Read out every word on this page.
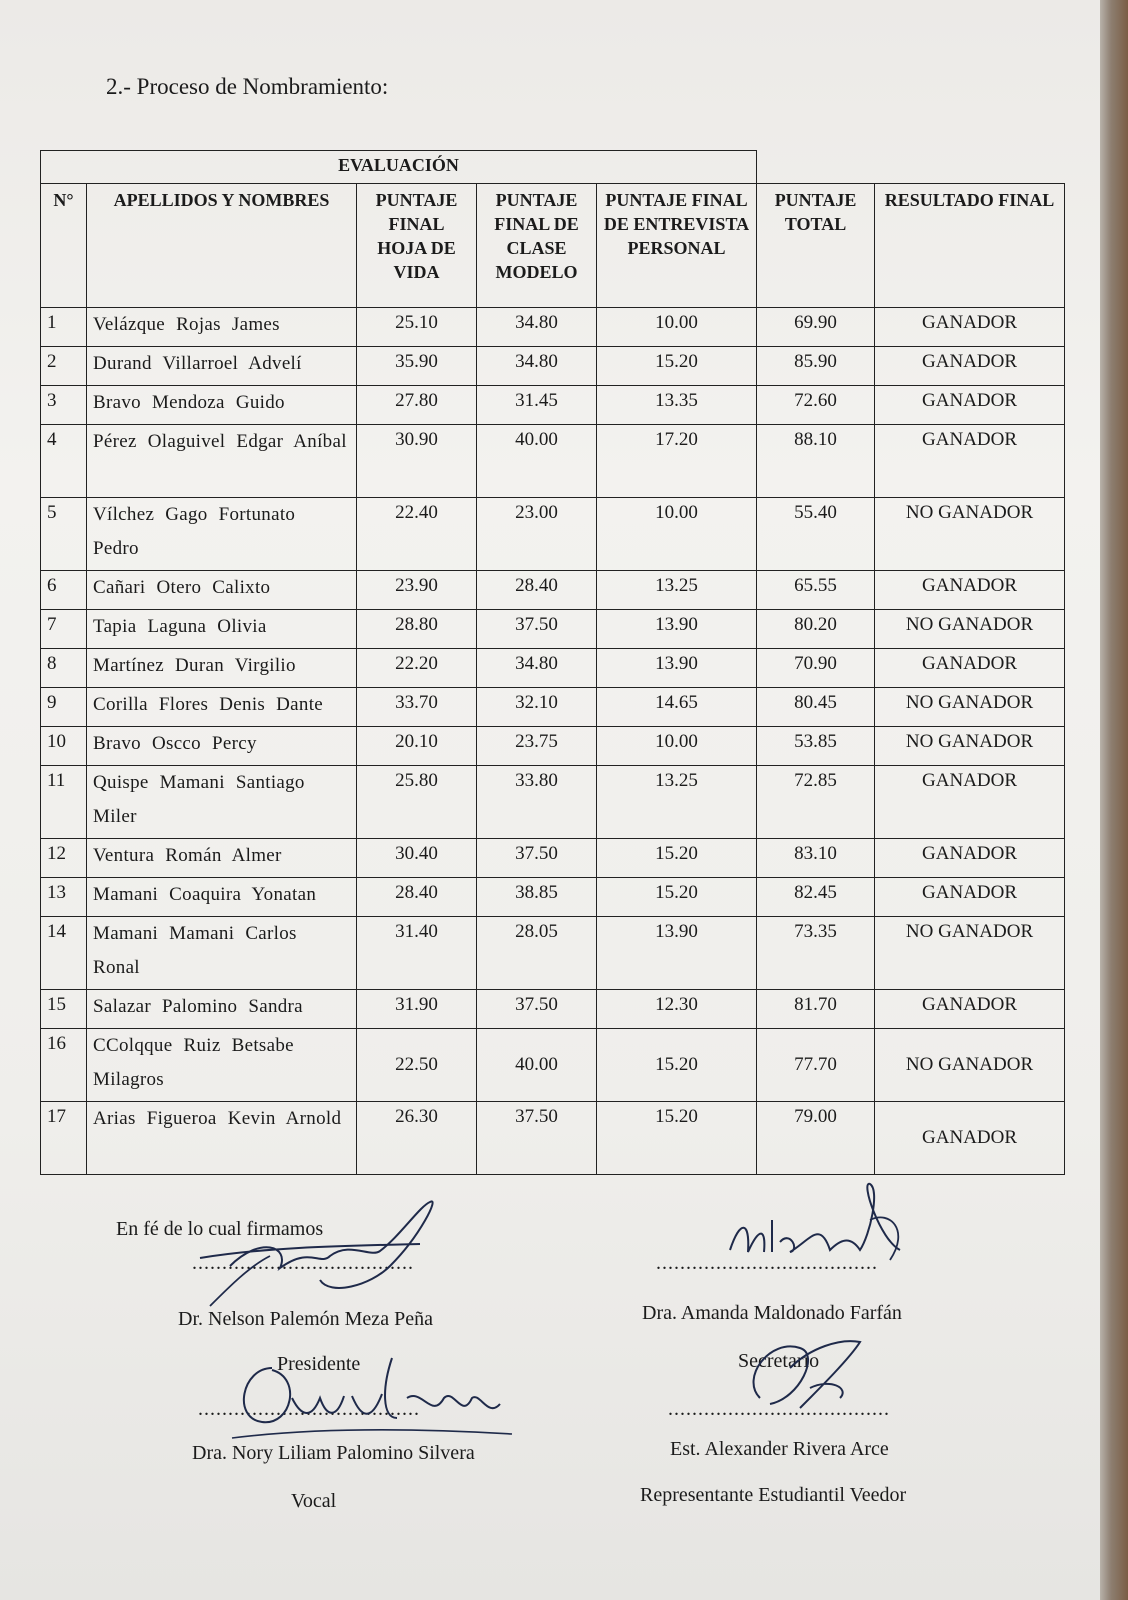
2.- Proceso de Nombramiento:
EVALUACIÓN						
N°	APELLIDOS Y NOMBRES	PUNTAJE FINAL HOJA DE VIDA	PUNTAJE FINAL DE CLASE MODELO	PUNTAJE FINAL DE ENTREVISTA PERSONAL	PUNTAJE TOTAL	RESULTADO FINAL
1	Velázque Rojas James	25.10	34.80	10.00	69.90	GANADOR
2	Durand Villarroel Advelí	35.90	34.80	15.20	85.90	GANADOR
3	Bravo Mendoza Guido	27.80	31.45	13.35	72.60	GANADOR
4	Pérez Olaguivel Edgar Aníbal	30.90	40.00	17.20	88.10	GANADOR
5	Vílchez Gago Fortunato Pedro	22.40	23.00	10.00	55.40	NO GANADOR
6	Cañari Otero Calixto	23.90	28.40	13.25	65.55	GANADOR
7	Tapia Laguna Olivia	28.80	37.50	13.90	80.20	NO GANADOR
8	Martínez Duran Virgilio	22.20	34.80	13.90	70.90	GANADOR
9	Corilla Flores Denis Dante	33.70	32.10	14.65	80.45	NO GANADOR
10	Bravo Oscco Percy	20.10	23.75	10.00	53.85	NO GANADOR
11	Quispe Mamani Santiago Miler	25.80	33.80	13.25	72.85	GANADOR
12	Ventura Román Almer	30.40	37.50	15.20	83.10	GANADOR
13	Mamani Coaquira Yonatan	28.40	38.85	15.20	82.45	GANADOR
14	Mamani Mamani Carlos Ronal	31.40	28.05	13.90	73.35	NO GANADOR
15	Salazar Palomino Sandra	31.90	37.50	12.30	81.70	GANADOR
16	CColqque Ruiz Betsabe Milagros	22.50	40.00	15.20	77.70	NO GANADOR
17	Arias Figueroa Kevin Arnold	26.30	37.50	15.20	79.00	GANADOR
En fé de lo cual firmamos
.....................................
Dr. Nelson Palemón Meza Peña
Presidente
.....................................
Dra. Amanda Maldonado Farfán
Secretario
.....................................
Dra. Nory Liliam Palomino Silvera
Vocal
.....................................
Est. Alexander Rivera Arce
Representante Estudiantil Veedor
